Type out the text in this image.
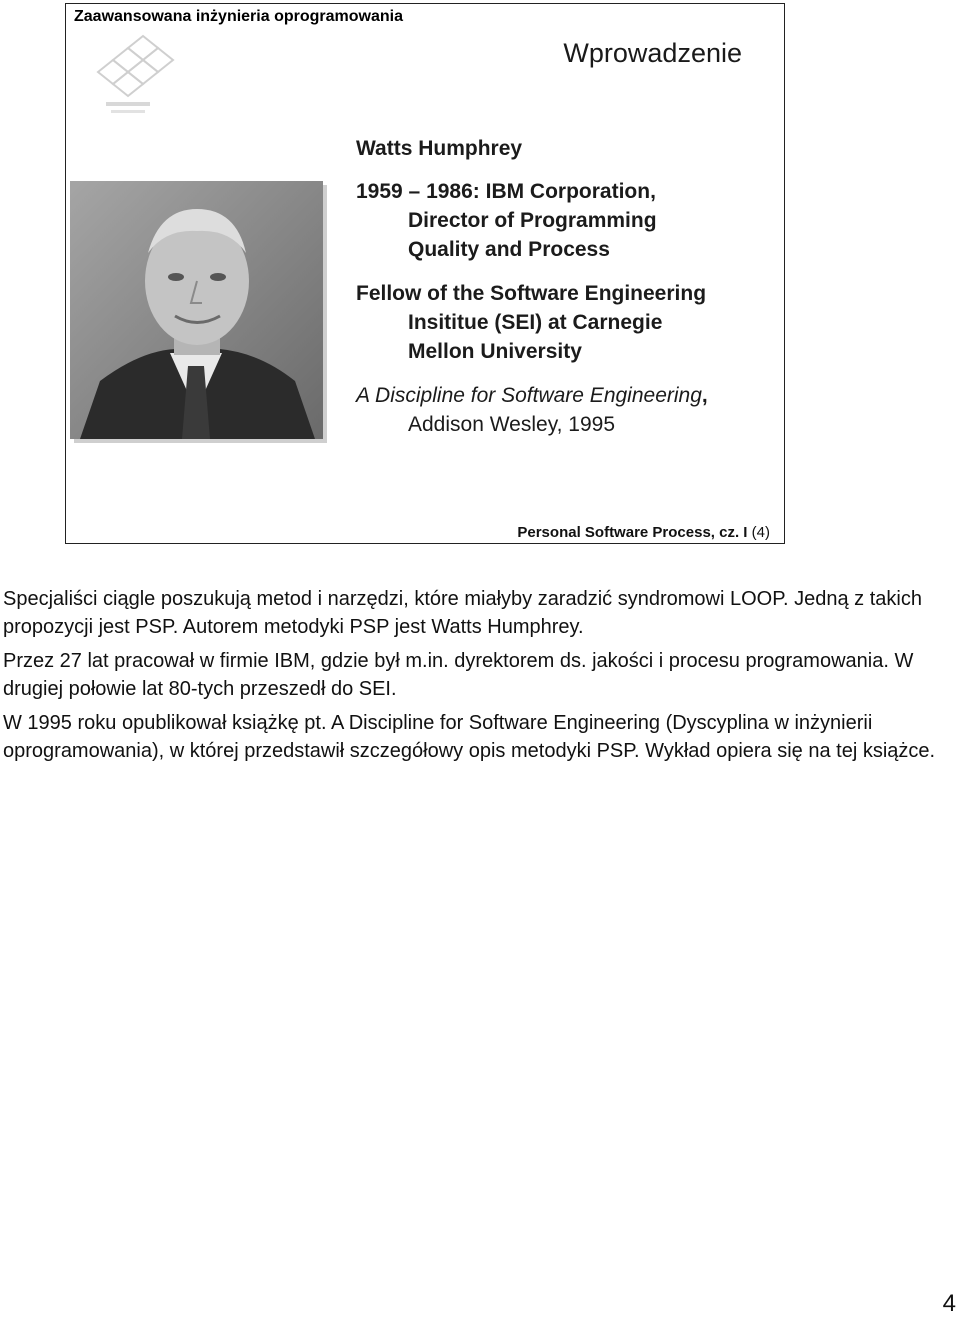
Zaawansowana inżynieria oprogramowania
Wprowadzenie
Watts Humphrey
1959 – 1986: IBM Corporation,
Director of Programming
Quality and Process
Fellow of the Software Engineering
Insititue (SEI) at Carnegie
Mellon University
A Discipline for Software Engineering,
Addison Wesley, 1995
Personal Software Process, cz. I (4)

Specjaliści ciągle poszukują metod i narzędzi, które miałyby zaradzić syndromowi LOOP. Jedną z takich propozycji jest PSP. Autorem metodyki PSP jest Watts Humphrey.

Przez 27 lat pracował w firmie IBM, gdzie był m.in. dyrektorem ds. jakości i procesu programowania. W drugiej połowie lat 80-tych przeszedł do SEI.

W 1995 roku opublikował książkę pt. A Discipline for Software Engineering (Dyscyplina w inżynierii oprogramowania), w której przedstawił szczegółowy opis metodyki PSP. Wykład opiera się na tej książce.

4
